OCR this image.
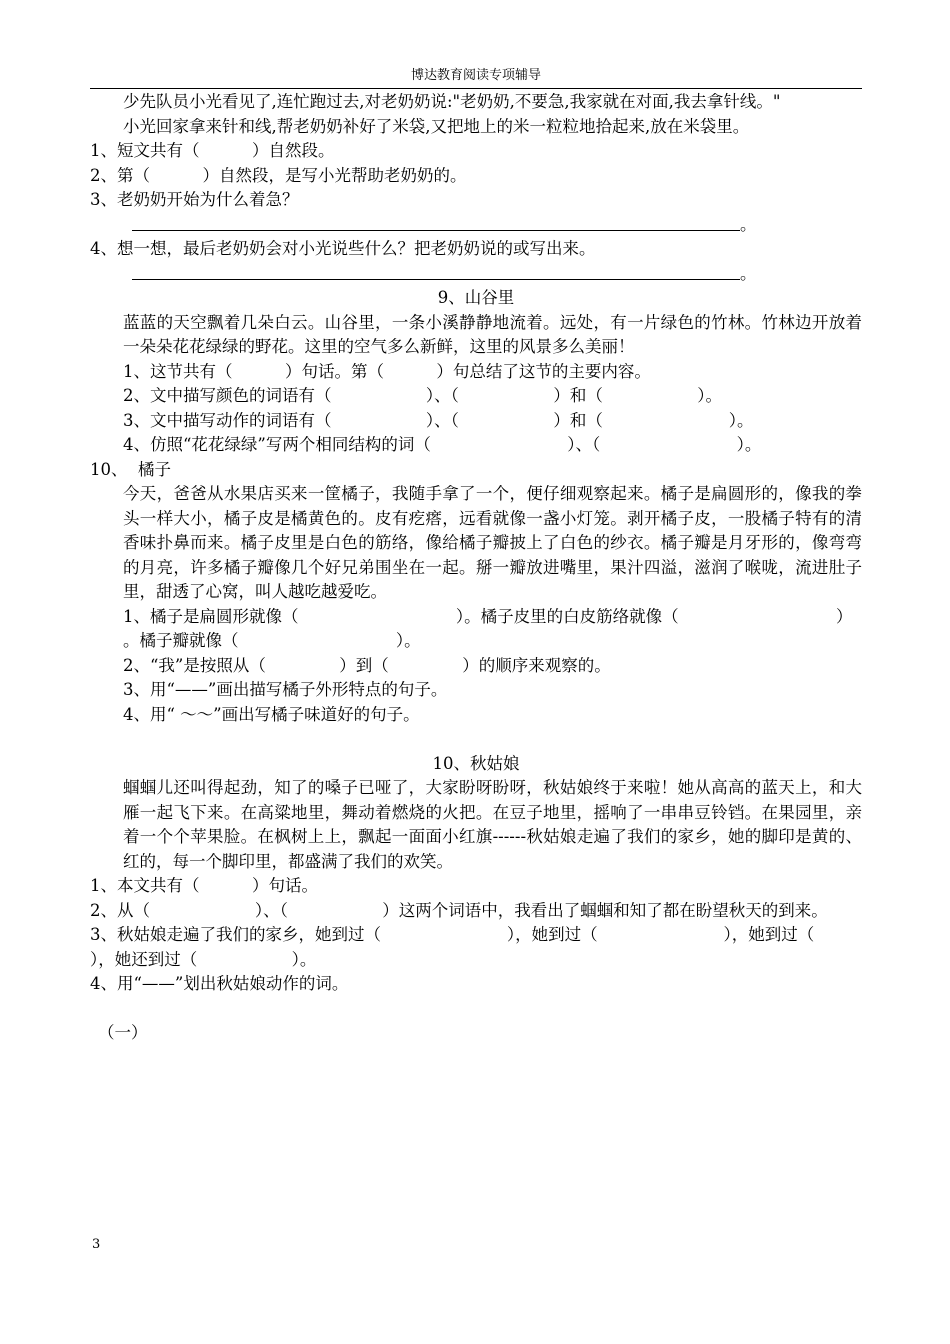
博达教育阅读专项辅导

少先队员小光看见了,连忙跑过去,对老奶奶说:"老奶奶,不要急,我家就在对面,我去拿针线。"

小光回家拿来针和线,帮老奶奶补好了米袋,又把地上的米一粒粒地拾起来,放在米袋里。

1、短文共有（          ）自然段。

2、第（          ）自然段，是写小光帮助老奶奶的。

3、老奶奶开始为什么着急？

。

4、想一想，最后老奶奶会对小光说些什么？把老奶奶说的或写出来。

。

9、山谷里

蓝蓝的天空飘着几朵白云。山谷里，一条小溪静静地流着。远处，有一片绿色的竹林。竹林边开放着一朵朵花花绿绿的野花。这里的空气多么新鲜，这里的风景多么美丽！

1、这节共有（          ）句话。第（          ）句总结了这节的主要内容。

2、文中描写颜色的词语有（                  ）、（                  ）和（                  ）。

3、文中描写动作的词语有（                  ）、（                  ）和（                        ）。

4、仿照“花花绿绿”写两个相同结构的词（                          ）、（                          ）。

10、  橘子

今天，爸爸从水果店买来一筐橘子，我随手拿了一个，便仔细观察起来。橘子是扁圆形的，像我的拳头一样大小，橘子皮是橘黄色的。皮有疙瘩，远看就像一盏小灯笼。剥开橘子皮，一股橘子特有的清香味扑鼻而来。橘子皮里是白色的筋络，像给橘子瓣披上了白色的纱衣。橘子瓣是月牙形的，像弯弯的月亮，许多橘子瓣像几个好兄弟围坐在一起。掰一瓣放进嘴里，果汁四溢，滋润了喉咙，流进肚子里，甜透了心窝，叫人越吃越爱吃。

1、橘子是扁圆形就像（                              ）。橘子皮里的白皮筋络就像（                              ）

。橘子瓣就像（                              ）。

2、“我”是按照从（              ）到（              ）的顺序来观察的。

3、用“——”画出描写橘子外形特点的句子。

4、用“ ～～”画出写橘子味道好的句子。

10、秋姑娘

蝈蝈儿还叫得起劲，知了的嗓子已哑了，大家盼呀盼呀，秋姑娘终于来啦！她从高高的蓝天上，和大雁一起飞下来。在高粱地里，舞动着燃烧的火把。在豆子地里，摇响了一串串豆铃铛。在果园里，亲着一个个苹果脸。在枫树上上，飘起一面面小红旗------秋姑娘走遍了我们的家乡，她的脚印是黄的、红的，每一个脚印里，都盛满了我们的欢笑。

1、本文共有（          ）句话。

2、从（                    ）、（                  ）这两个词语中，我看出了蝈蝈和知了都在盼望秋天的到来。

3、秋姑娘走遍了我们的家乡，她到过（                        ），她到过（                        ），她到过（                  ），她还到过（                  ）。

4、用“——”划出秋姑娘动作的词。

（一）

3
